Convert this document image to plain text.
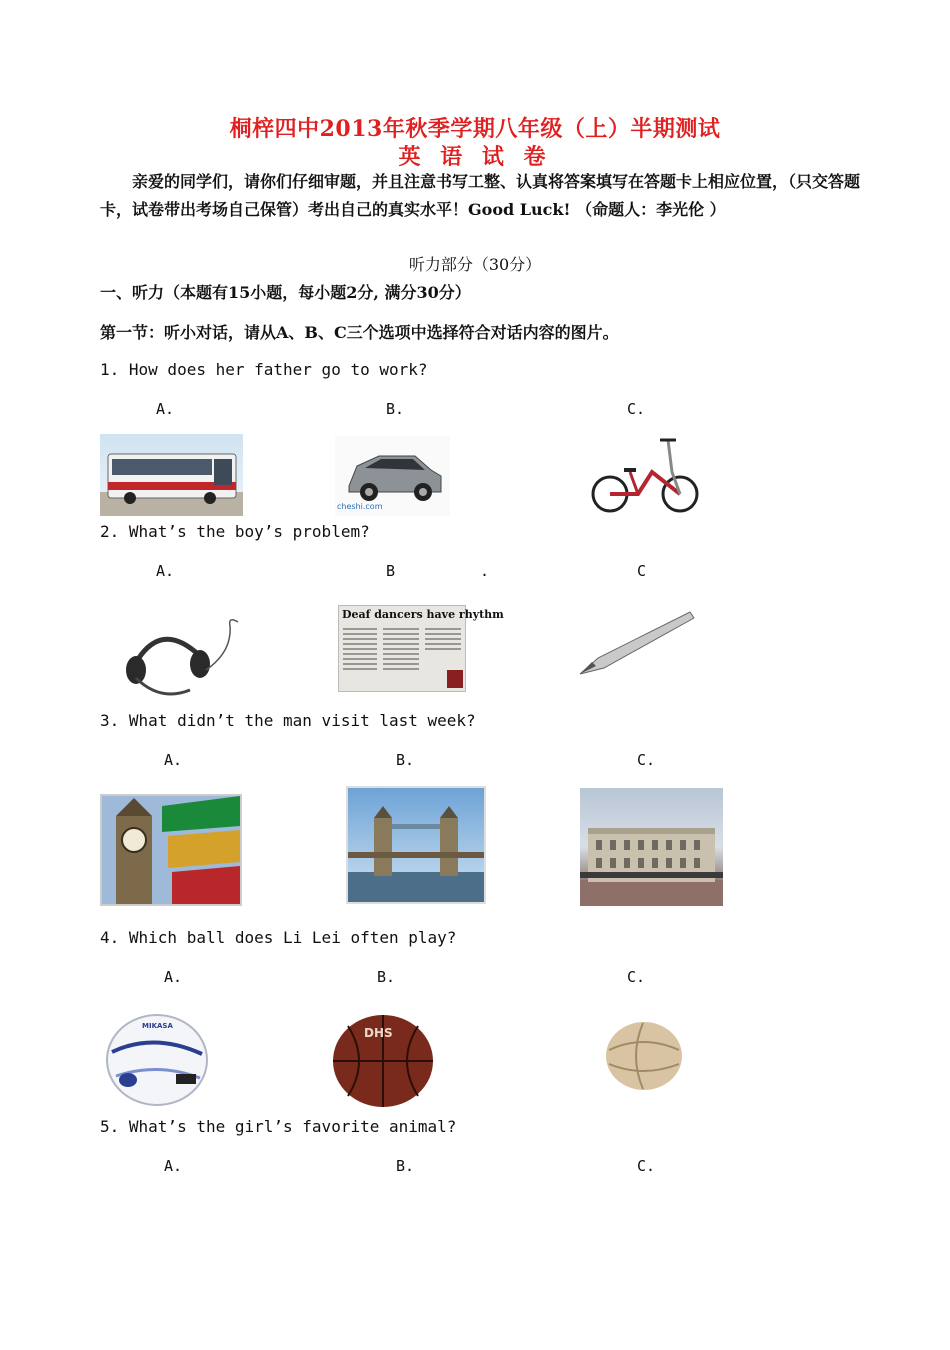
桐梓四中2013年秋季学期八年级（上）半期测试
英 语 试 卷

亲爱的同学们，请你们仔细审题，并且注意书写工整、认真将答案填写在答题卡上相应位置，（只交答题卡，试卷带出考场自己保管）考出自己的真实水平！Good Luck! （命题人：李光伦 ）

听力部分（30分）
一、听力（本题有15小题，每小题2分, 满分30分）
第一节：听小对话，请从A、B、C三个选项中选择符合对话内容的图片。
1. How does her father go to work?
A.	B.	C.
cheshi.com
2. What’s the boy’s problem?
A.	B	.	C
Deaf dancers have rhythm
3. What didn’t the man visit last week?
A.	B.	C.
4. Which ball does Li Lei often play?
A.	B.	C.
MIKASA	DHS
5. What’s the girl’s favorite animal?
A.	B.	C.
